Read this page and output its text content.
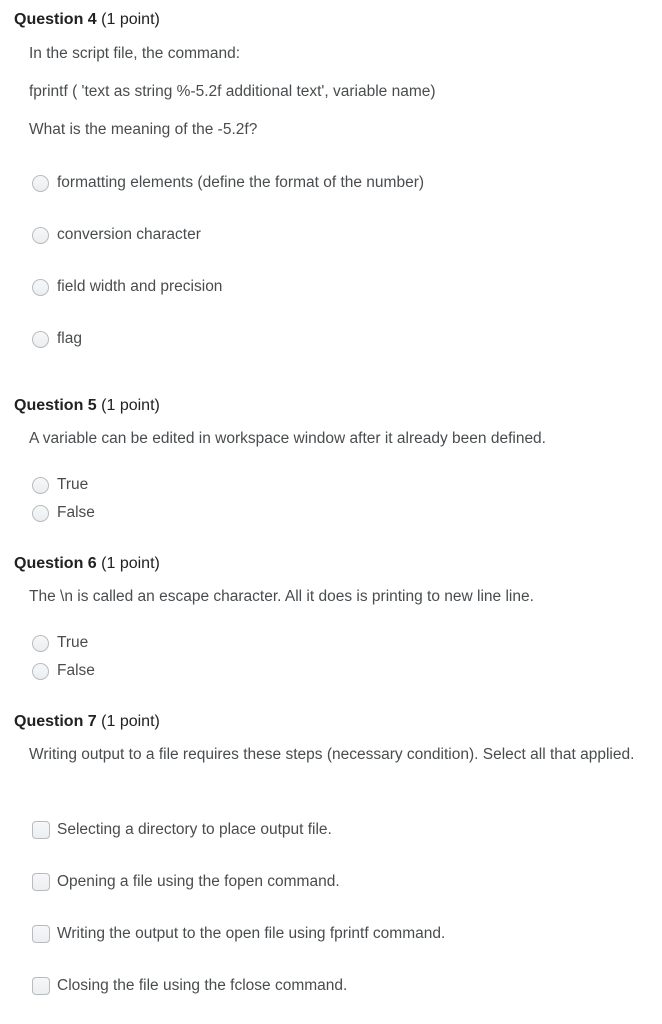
Question 4 (1 point)
In the script file, the command:
fprintf ( 'text as string %-5.2f additional text', variable name)
What is the meaning of the -5.2f?
formatting elements (define the format of the number)
conversion character
field width and precision
flag
Question 5 (1 point)
A variable can be edited in workspace window after it already been defined.
True
False
Question 6 (1 point)
The \n is called an escape character. All it does is printing to new line line.
True
False
Question 7 (1 point)
Writing output to a file requires these steps (necessary condition). Select all that applied.
Selecting a directory to place output file.
Opening a file using the fopen command.
Writing the output to the open file using fprintf command.
Closing the file using the fclose command.
